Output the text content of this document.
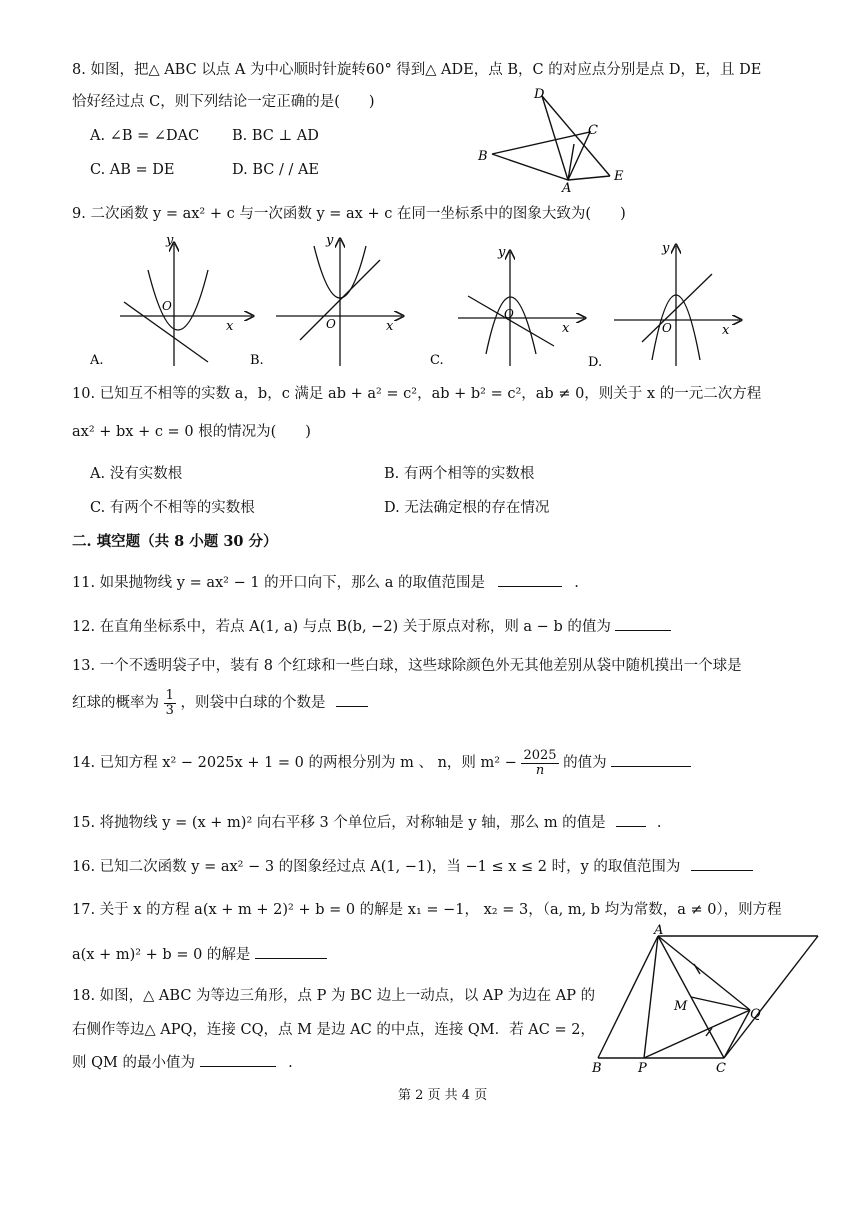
8. 如图，把△ ABC 以点 A 为中心顺时针旋转60° 得到△ ADE，点 B，C 的对应点分别是点 D，E，且 DE
恰好经过点 C，则下列结论一定正确的是(　　)
A. ∠B = ∠DAC B. BC ⊥ AD
C. AB = DE	D. BC / / AE
D
C
B
A
E
9. 二次函数 y = ax² + c 与一次函数 y = ax + c 在同一坐标系中的图象大致为(　　)
y
x
O
A.
y
x
O
B.
y
x
O
C.
y
x
O
D.
10. 已知互不相等的实数 a，b，c 满足 ab + a² = c²，ab + b² = c²，ab ≠ 0，则关于 x 的一元二次方程
ax² + bx + c = 0 根的情况为(　　)
A. 没有实数根	B. 有两个相等的实数根
C. 有两个不相等的实数根	D. 无法确定根的存在情况
二. 填空题（共 8 小题 30 分）
11. 如果抛物线 y = ax² − 1 的开口向下，那么 a 的取值范围是	.
12. 在直角坐标系中，若点 A(1, a) 与点 B(b, −2) 关于原点对称，则 a − b 的值为
13. 一个不透明袋子中，装有 8 个红球和一些白球，这些球除颜色外无其他差别从袋中随机摸出一个球是
红球的概率为 $\frac{1}{3}$ ，则袋中白球的个数是
14. 已知方程 x² − 2025x + 1 = 0 的两根分别为 m 、 n，则 $m^2 - \frac{2025}{n}$ 的值为
15. 将抛物线 y = (x + m)² 向右平移 3 个单位后，对称轴是 y 轴，那么 m 的值是	.
16. 已知二次函数 y = ax² − 3 的图象经过点 A(1, −1)，当 −1 ≤ x ≤ 2 时，y 的取值范围为
17. 关于 x 的方程 a(x + m + 2)² + b = 0 的解是 x₁ = −1， x₂ = 3，（a, m, b 均为常数，a ≠ 0），则方程
a(x + m)² + b = 0 的解是
18. 如图，△ ABC 为等边三角形，点 P 为 BC 边上一动点，以 AP 为边在 AP 的
右侧作等边△ APQ，连接 CQ，点 M 是边 AC 的中点，连接 QM．若 AC = 2，
则 QM 的最小值为	.
A
M
Q
B	P	C
第 2 页 共 4 页
